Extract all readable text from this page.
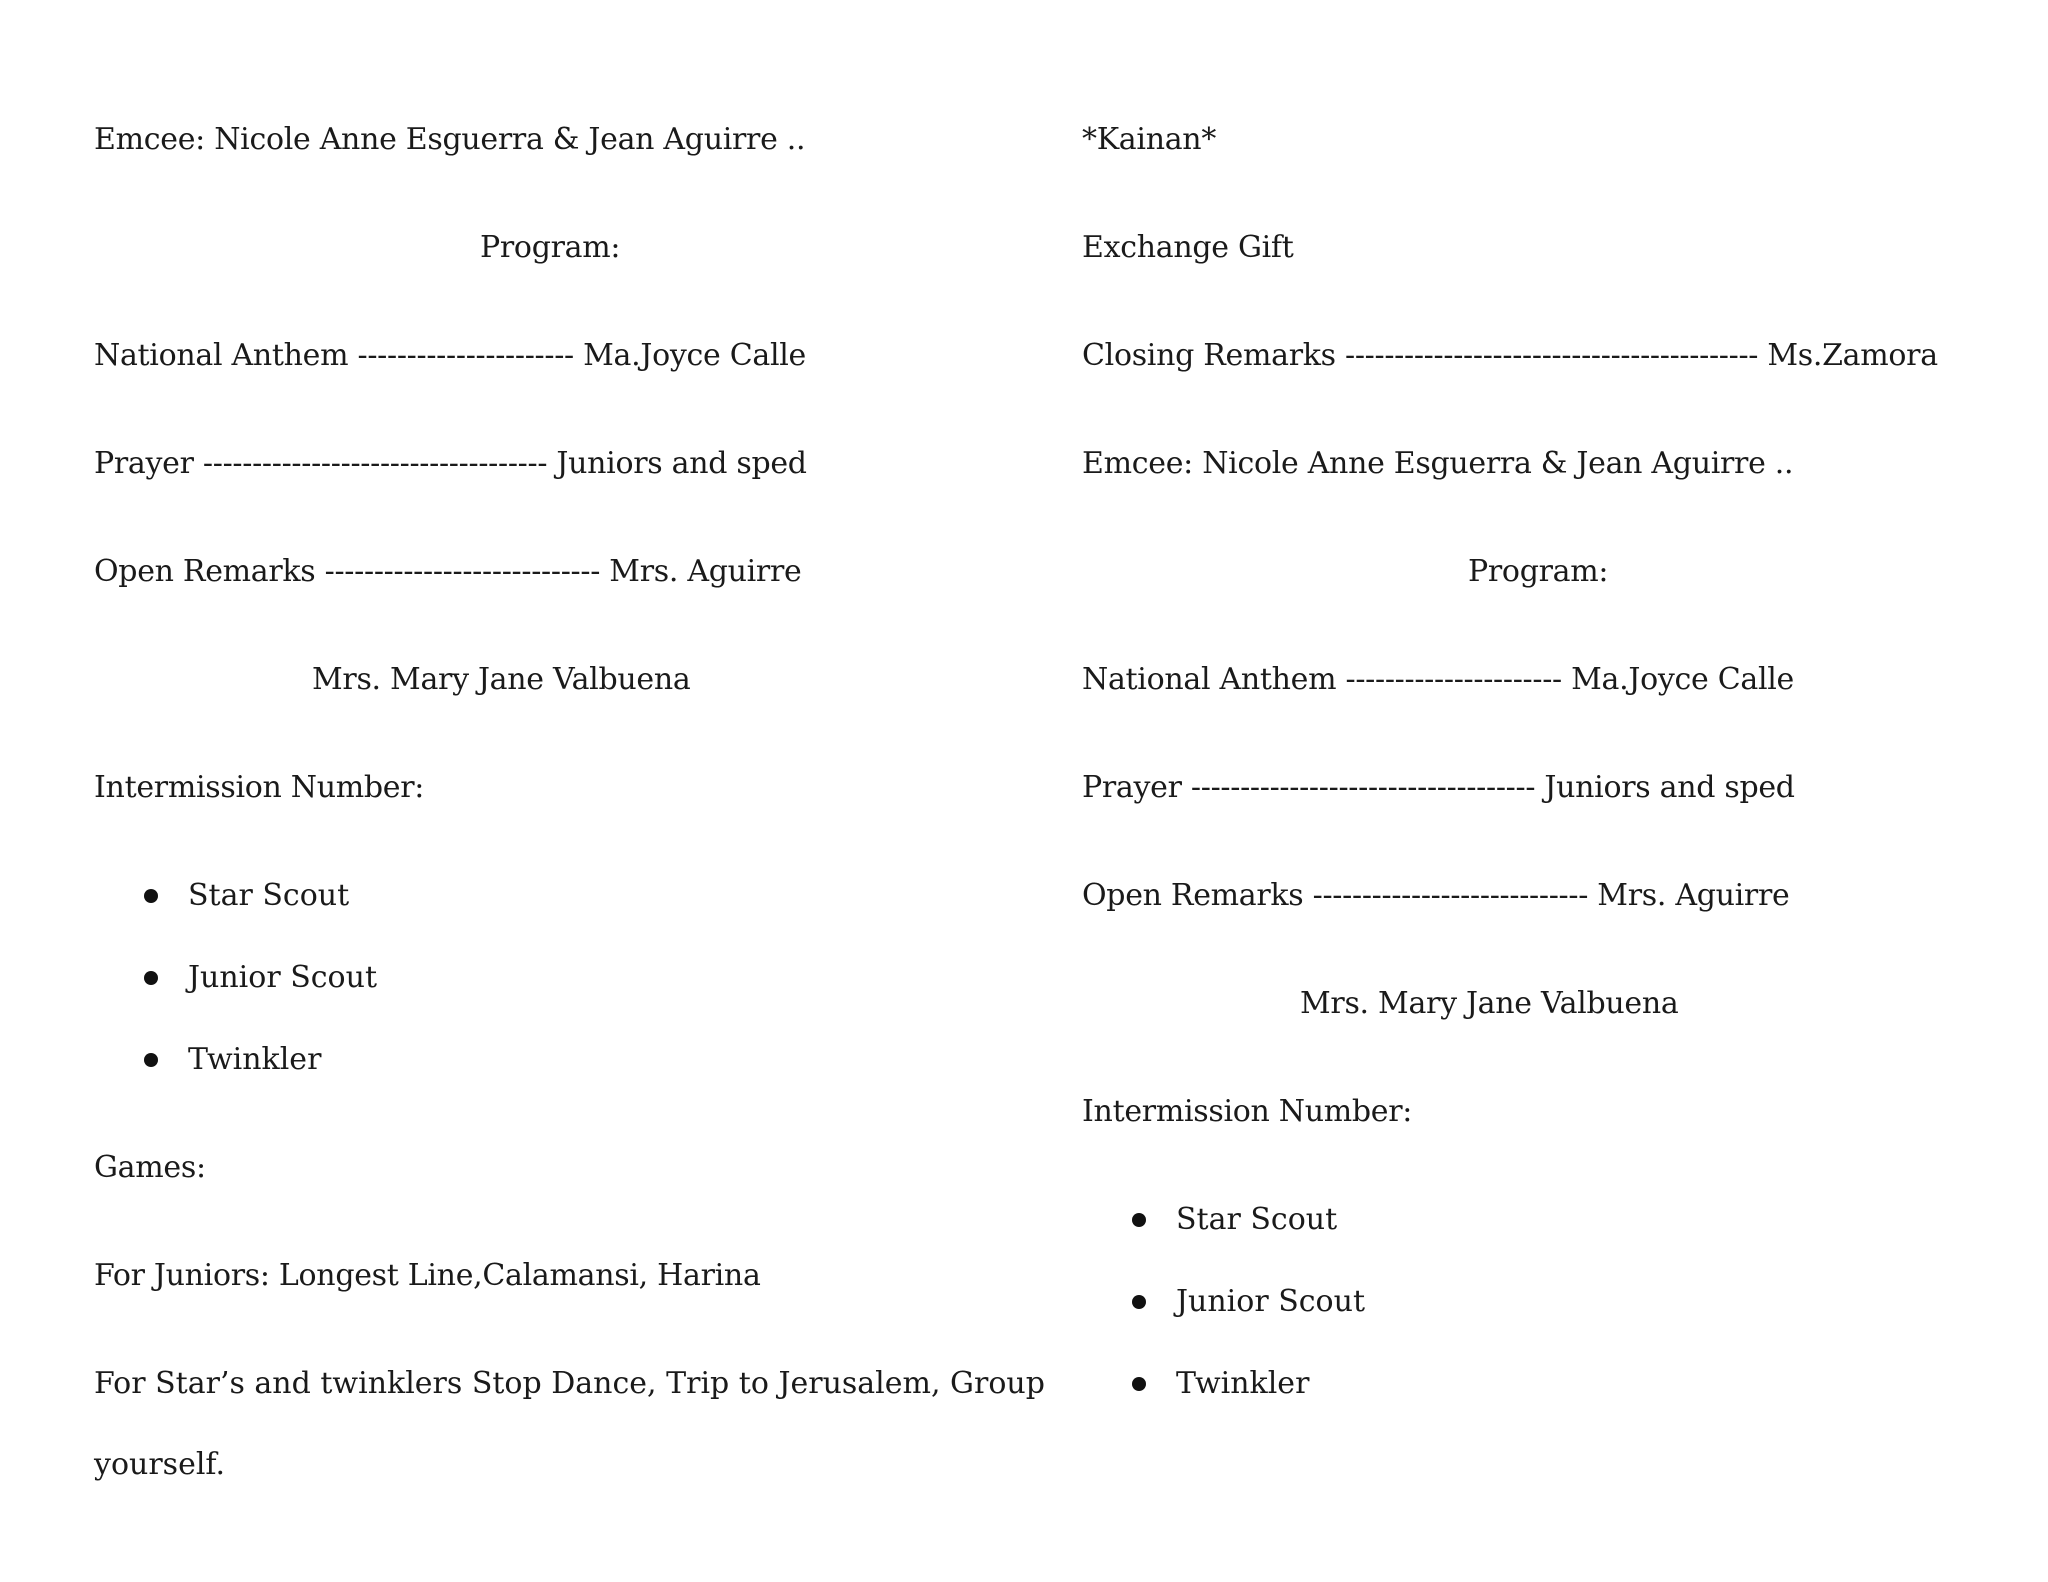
Emcee: Nicole Anne Esguerra & Jean Aguirre ..
Program:
National Anthem ---------------------- Ma.Joyce Calle
Prayer ----------------------------------- Juniors and sped
Open Remarks ---------------------------- Mrs. Aguirre
Mrs. Mary Jane Valbuena
Intermission Number:
Star Scout
Junior Scout
Twinkler
Games:
For Juniors: Longest Line,Calamansi, Harina
For Star’s and twinklers Stop Dance, Trip to Jerusalem, Group
yourself.
*Kainan*
Exchange Gift
Closing Remarks ------------------------------------------ Ms.Zamora
Emcee: Nicole Anne Esguerra & Jean Aguirre ..
Program:
National Anthem ---------------------- Ma.Joyce Calle
Prayer ----------------------------------- Juniors and sped
Open Remarks ---------------------------- Mrs. Aguirre
Mrs. Mary Jane Valbuena
Intermission Number:
Star Scout
Junior Scout
Twinkler
